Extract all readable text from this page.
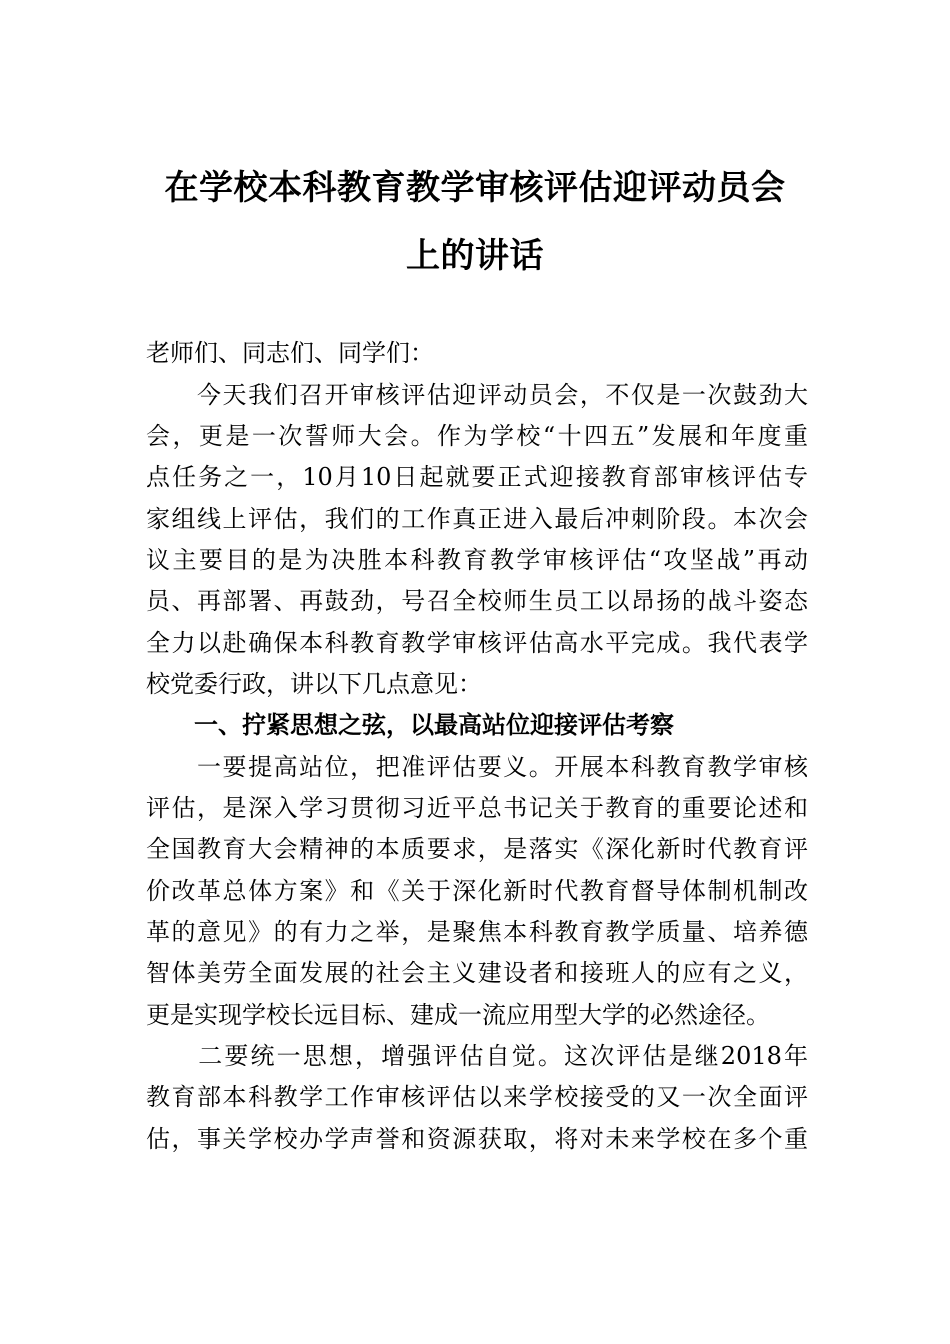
在学校本科教育教学审核评估迎评动员会
上的讲话
老师们、同志们、同学们：
　　今天我们召开审核评估迎评动员会，不仅是一次鼓劲大
会，更是一次誓师大会。作为学校“十四五”发展和年度重
点任务之一，10月10日起就要正式迎接教育部审核评估专
家组线上评估，我们的工作真正进入最后冲刺阶段。本次会
议主要目的是为决胜本科教育教学审核评估“攻坚战”再动
员、再部署、再鼓劲，号召全校师生员工以昂扬的战斗姿态
全力以赴确保本科教育教学审核评估高水平完成。我代表学
校党委行政，讲以下几点意见：
　　一、拧紧思想之弦，以最高站位迎接评估考察
　　一要提高站位，把准评估要义。开展本科教育教学审核
评估，是深入学习贯彻习近平总书记关于教育的重要论述和
全国教育大会精神的本质要求，是落实《深化新时代教育评
价改革总体方案》和《关于深化新时代教育督导体制机制改
革的意见》的有力之举，是聚焦本科教育教学质量、培养德
智体美劳全面发展的社会主义建设者和接班人的应有之义，
更是实现学校长远目标、建成一流应用型大学的必然途径。
　　二要统一思想，增强评估自觉。这次评估是继2018年
教育部本科教学工作审核评估以来学校接受的又一次全面评
估，事关学校办学声誉和资源获取，将对未来学校在多个重
